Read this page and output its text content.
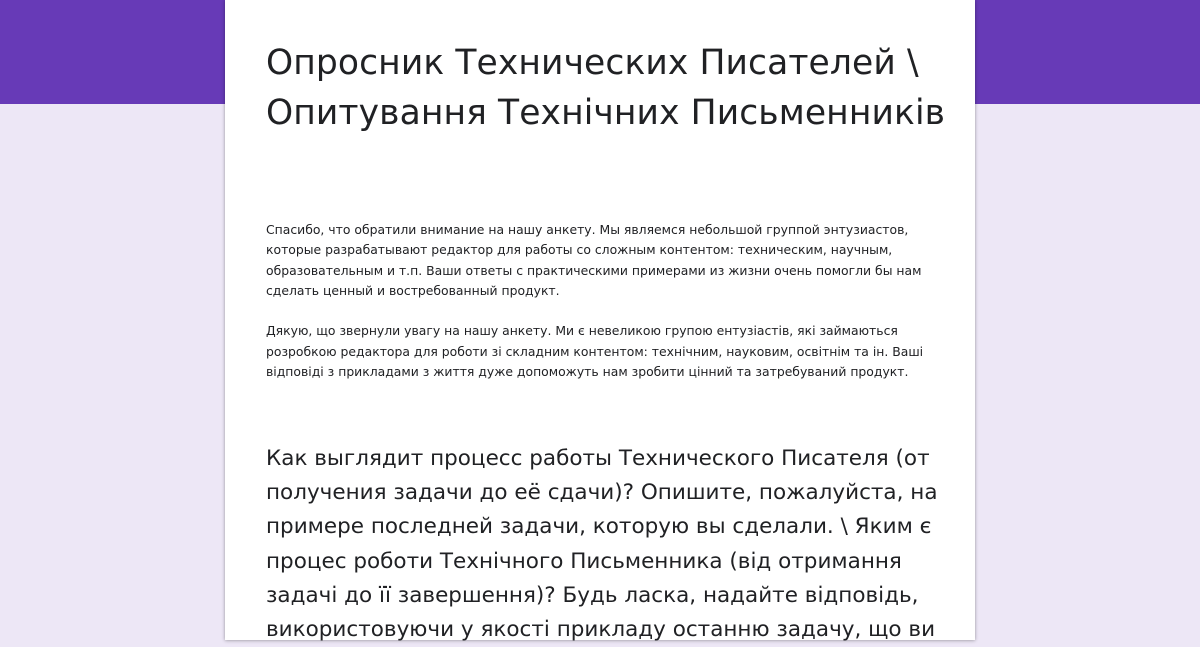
Опросник Технических Писателей \ Опитування Технічних Письменників

Спасибо, что обратили внимание на нашу анкету. Мы являемся небольшой группой энтузиастов, которые разрабатывают редактор для работы со сложным контентом: техническим, научным, образовательным и т.п. Ваши ответы с практическими примерами из жизни очень помогли бы нам сделать ценный и востребованный продукт.

Дякую, що звернули увагу на нашу анкету. Ми є невеликою групою ентузіастів, які займаються розробкою редактора для роботи зі складним контентом: технічним, науковим, освітнім та ін. Ваші відповіді з прикладами з життя дуже допоможуть нам зробити цінний та затребуваний продукт.

Как выглядит процесс работы Технического Писателя (от получения задачи до её сдачи)? Опишите, пожалуйста, на примере последней задачи, которую вы сделали. \ Яким є процес роботи Технічного Письменника (від отримання задачі до її завершення)? Будь ласка, надайте відповідь, використовуючи у якості прикладу останню задачу, що ви
